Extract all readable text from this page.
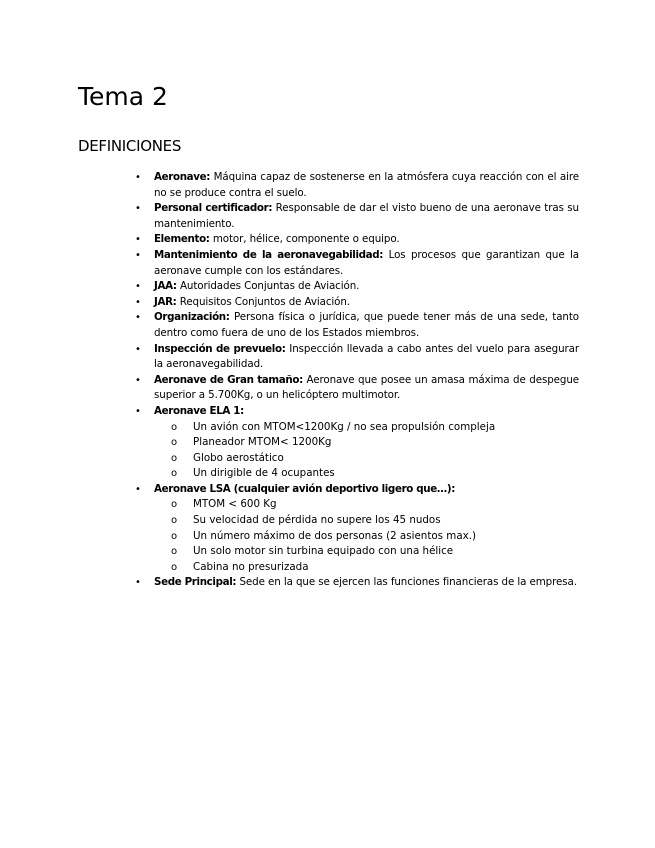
Tema 2
DEFINICIONES
•	Aeronave: Máquina capaz de sostenerse en la atmósfera cuya reacción con el aire no se produce contra el suelo.
•	Personal certificador: Responsable de dar el visto bueno de una aeronave tras su mantenimiento.
•	Elemento: motor, hélice, componente o equipo.
•	Mantenimiento de la aeronavegabilidad: Los procesos que garantizan que la aeronave cumple con los estándares.
•	JAA: Autoridades Conjuntas de Aviación.
•	JAR: Requisitos Conjuntos de Aviación.
•	Organización: Persona física o jurídica, que puede tener más de una sede, tanto dentro como fuera de uno de los Estados miembros.
•	Inspección de prevuelo: Inspección llevada a cabo antes del vuelo para asegurar la aeronavegabilidad.
•	Aeronave de Gran tamaño: Aeronave que posee un amasa máxima de despegue superior a 5.700Kg, o un helicóptero multimotor.
•	Aeronave ELA 1:
o Un avión con MTOM<1200Kg / no sea propulsión compleja
o Planeador MTOM< 1200Kg
o Globo aerostático
o Un dirigible de 4 ocupantes
•	Aeronave LSA (cualquier avión deportivo ligero que…):
o MTOM < 600 Kg
o Su velocidad de pérdida no supere los 45 nudos
o Un número máximo de dos personas (2 asientos max.)
o Un solo motor sin turbina equipado con una hélice
o Cabina no presurizada
•	Sede Principal: Sede en la que se ejercen las funciones financieras de la empresa.
